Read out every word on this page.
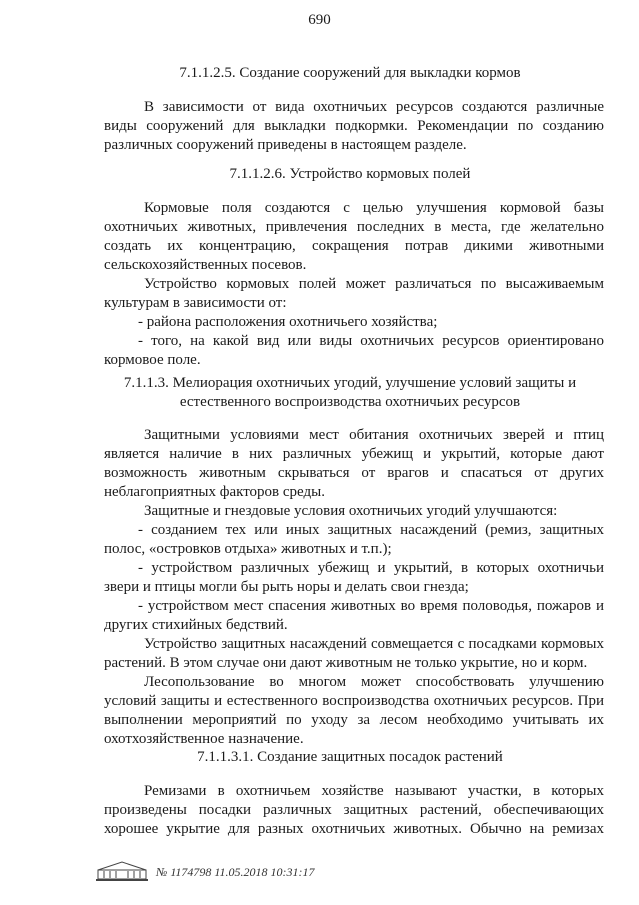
690
7.1.1.2.5. Создание сооружений для выкладки кормов
В зависимости от вида охотничьих ресурсов создаются различные
виды сооружений для выкладки подкормки. Рекомендации по созданию
различных сооружений приведены в настоящем разделе.
7.1.1.2.6. Устройство кормовых полей
Кормовые поля создаются с целью улучшения кормовой базы
охотничьих животных, привлечения последних в места, где желательно
создать их концентрацию, сокращения потрав дикими животными
сельскохозяйственных посевов.
Устройство кормовых полей может различаться по высаживаемым
культурам в зависимости от:
- района расположения охотничьего хозяйства;
- того, на какой вид или виды охотничьих ресурсов ориентировано
кормовое поле.
7.1.1.3. Мелиорация охотничьих угодий, улучшение условий защиты и
естественного воспроизводства охотничьих ресурсов
Защитными условиями мест обитания охотничьих зверей и птиц
является наличие в них различных убежищ и укрытий, которые дают
возможность животным скрываться от врагов и спасаться от других
неблагоприятных факторов среды.
Защитные и гнездовые условия охотничьих угодий улучшаются:
- созданием тех или иных защитных насаждений (ремиз, защитных
полос, «островков отдыха» животных и т.п.);
- устройством различных убежищ и укрытий, в которых охотничьи
звери и птицы могли бы рыть норы и делать свои гнезда;
- устройством мест спасения животных во время половодья, пожаров и
других стихийных бедствий.
Устройство защитных насаждений совмещается с посадками кормовых
растений. В этом случае они дают животным не только укрытие, но и корм.
Лесопользование во многом может способствовать улучшению
условий защиты и естественного воспроизводства охотничьих ресурсов. При
выполнении мероприятий по уходу за лесом необходимо учитывать их
охотхозяйственное назначение.
7.1.1.3.1. Создание защитных посадок растений
Ремизами в охотничьем хозяйстве называют участки, в которых
произведены посадки различных защитных растений, обеспечивающих
хорошее укрытие для разных охотничьих животных. Обычно на ремизах
№ 1174798 11.05.2018 10:31:17
